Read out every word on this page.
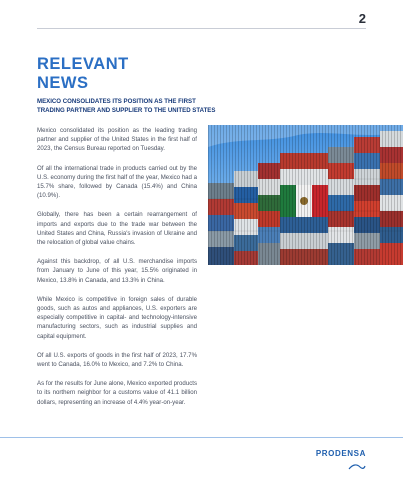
2
RELEVANT
NEWS
MEXICO CONSOLIDATES ITS POSITION AS THE FIRST
TRADING PARTNER AND SUPPLIER TO THE UNITED STATES

Mexico consolidated its position as the leading trading partner and supplier of the United States in the first half of 2023, the Census Bureau reported on Tuesday.

Of all the international trade in products carried out by the U.S. economy during the first half of the year, Mexico had a 15.7% share, followed by Canada (15.4%) and China (10.9%).

Globally, there has been a certain rearrangement of imports and exports due to the trade war between the United States and China, Russia's invasion of Ukraine and the relocation of global value chains.

Against this backdrop, of all U.S. merchandise imports from January to June of this year, 15.5% originated in Mexico, 13.8% in Canada, and 13.3% in China.

While Mexico is competitive in foreign sales of durable goods, such as autos and appliances, U.S. exporters are especially competitive in capital- and technology-intensive manufacturing sectors, such as industrial supplies and capital equipment.

Of all U.S. exports of goods in the first half of 2023, 17.7% went to Canada, 16.0% to Mexico, and 7.2% to China.

As for the results for June alone, Mexico exported products to its northern neighbor for a customs value of 41.1 billion dollars, representing an increase of 4.4% year-on-year.

PRODENSA
